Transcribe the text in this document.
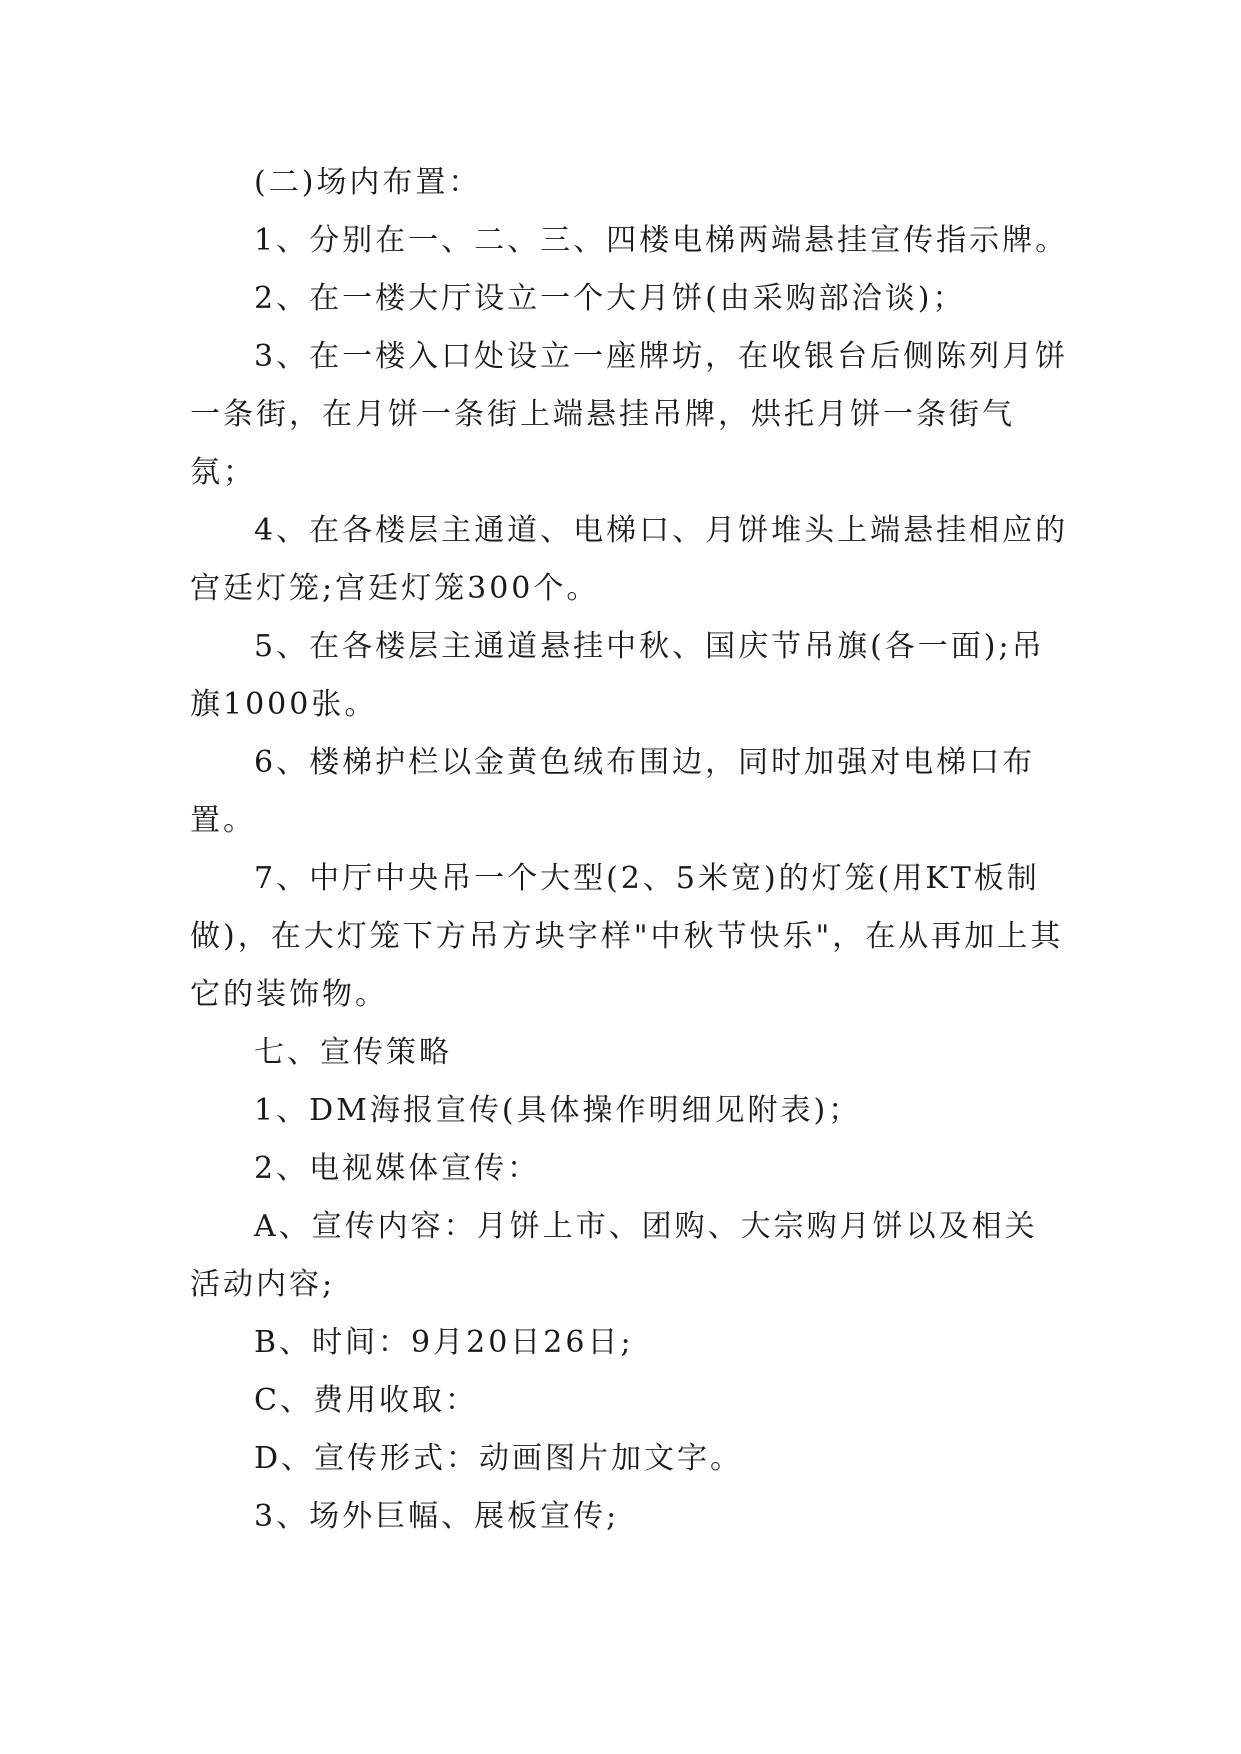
(二)场内布置：

1、分别在一、二、三、四楼电梯两端悬挂宣传指示牌。

2、在一楼大厅设立一个大月饼(由采购部洽谈)；

3、在一楼入口处设立一座牌坊，在收银台后侧陈列月饼一条街，在月饼一条街上端悬挂吊牌，烘托月饼一条街气氛；

4、在各楼层主通道、电梯口、月饼堆头上端悬挂相应的宫廷灯笼;宫廷灯笼300个。

5、在各楼层主通道悬挂中秋、国庆节吊旗(各一面);吊旗1000张。

6、楼梯护栏以金黄色绒布围边，同时加强对电梯口布置。

7、中厅中央吊一个大型(2、5米宽)的灯笼(用KT板制做)，在大灯笼下方吊方块字样"中秋节快乐"，在从再加上其它的装饰物。

七、宣传策略

1、DM海报宣传(具体操作明细见附表)；

2、电视媒体宣传：

A、宣传内容：月饼上市、团购、大宗购月饼以及相关活动内容;

B、时间：9月20日26日;

C、费用收取：

D、宣传形式：动画图片加文字。

3、场外巨幅、展板宣传;
